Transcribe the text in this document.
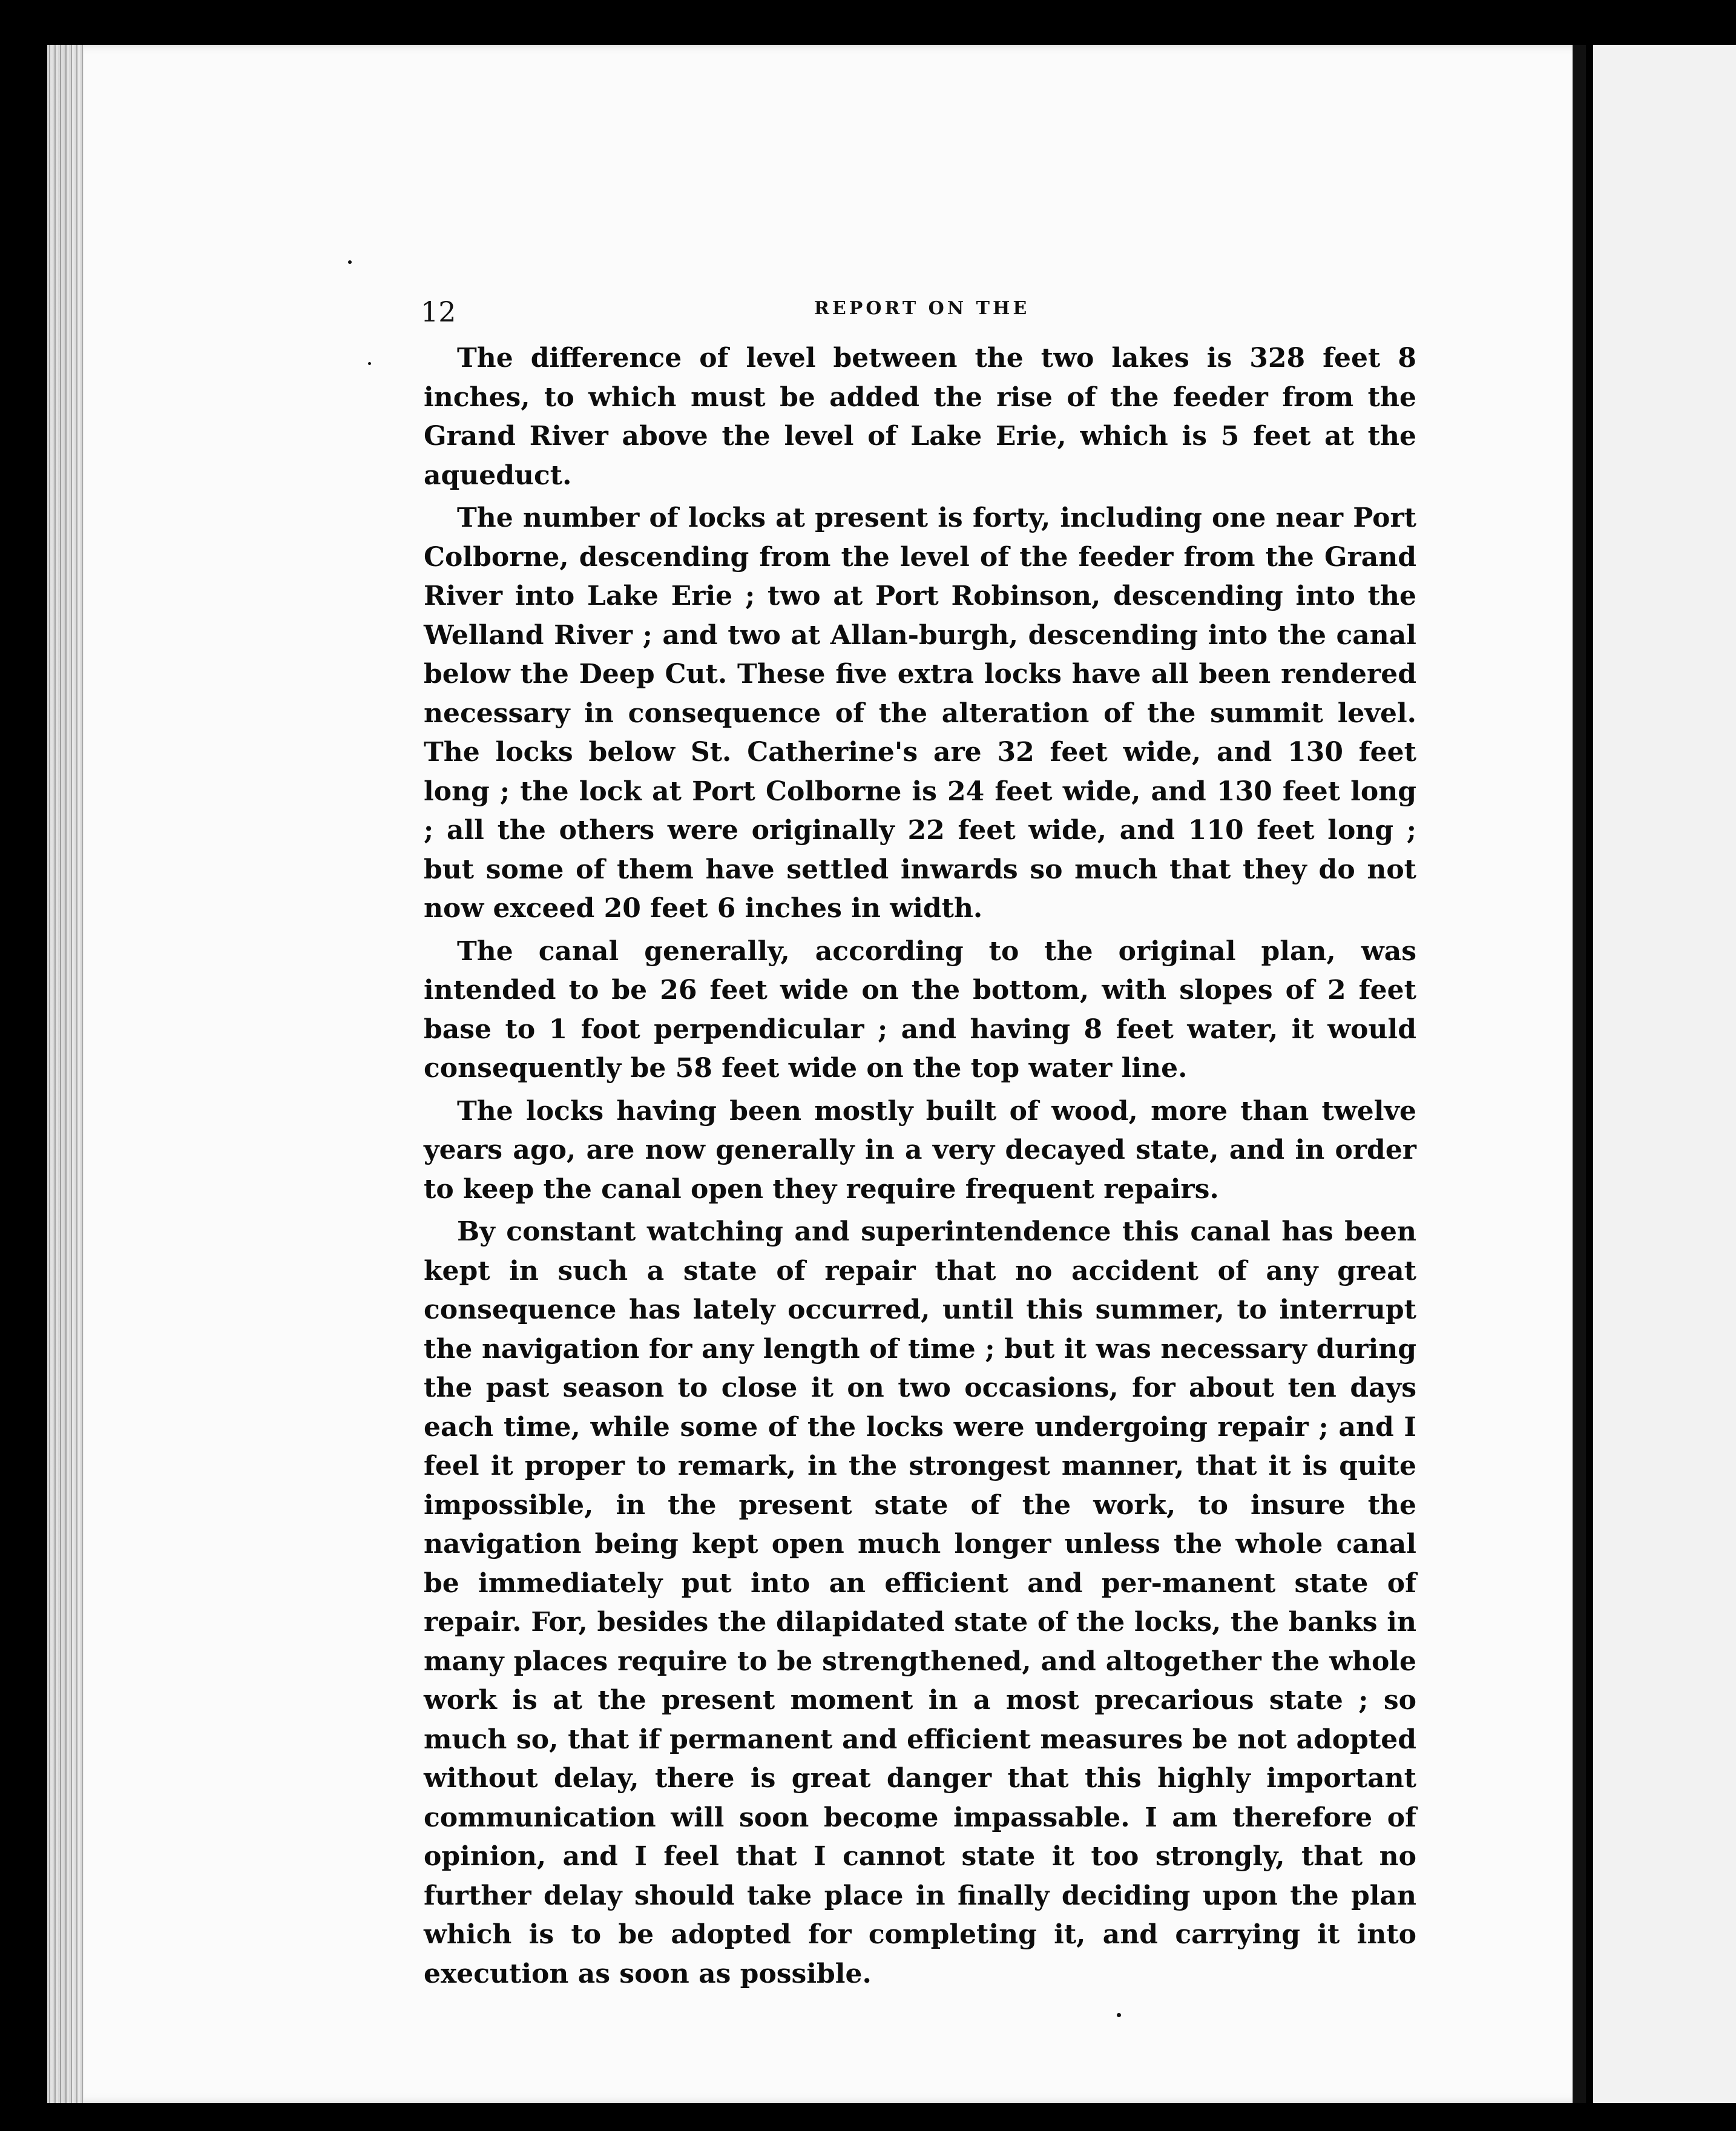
12	REPORT ON THE

The difference of level between the two lakes is 328 feet 8 inches, to which must be added the rise of the feeder from the Grand River above the level of Lake Erie, which is 5 feet at the aqueduct.

The number of locks at present is forty, including one near Port Colborne, descending from the level of the feeder from the Grand River into Lake Erie ; two at Port Robinson, descending into the Welland River ; and two at Allan-burgh, descending into the canal below the Deep Cut. These five extra locks have all been rendered necessary in consequence of the alteration of the summit level. The locks below St. Catherine's are 32 feet wide, and 130 feet long ; the lock at Port Colborne is 24 feet wide, and 130 feet long ; all the others were originally 22 feet wide, and 110 feet long ; but some of them have settled inwards so much that they do not now exceed 20 feet 6 inches in width.

The canal generally, according to the original plan, was intended to be 26 feet wide on the bottom, with slopes of 2 feet base to 1 foot perpendicular ; and having 8 feet water, it would consequently be 58 feet wide on the top water line.

The locks having been mostly built of wood, more than twelve years ago, are now generally in a very decayed state, and in order to keep the canal open they require frequent repairs.

By constant watching and superintendence this canal has been kept in such a state of repair that no accident of any great consequence has lately occurred, until this summer, to interrupt the navigation for any length of time ; but it was necessary during the past season to close it on two occasions, for about ten days each time, while some of the locks were undergoing repair ; and I feel it proper to remark, in the strongest manner, that it is quite impossible, in the present state of the work, to insure the navigation being kept open much longer unless the whole canal be immediately put into an efficient and per-manent state of repair. For, besides the dilapidated state of the locks, the banks in many places require to be strengthened, and altogether the whole work is at the present moment in a most precarious state ; so much so, that if permanent and efficient measures be not adopted without delay, there is great danger that this highly important communication will soon become impassable. I am therefore of opinion, and I feel that I cannot state it too strongly, that no further delay should take place in finally deciding upon the plan which is to be adopted for completing it, and carrying it into execution as soon as possible.
